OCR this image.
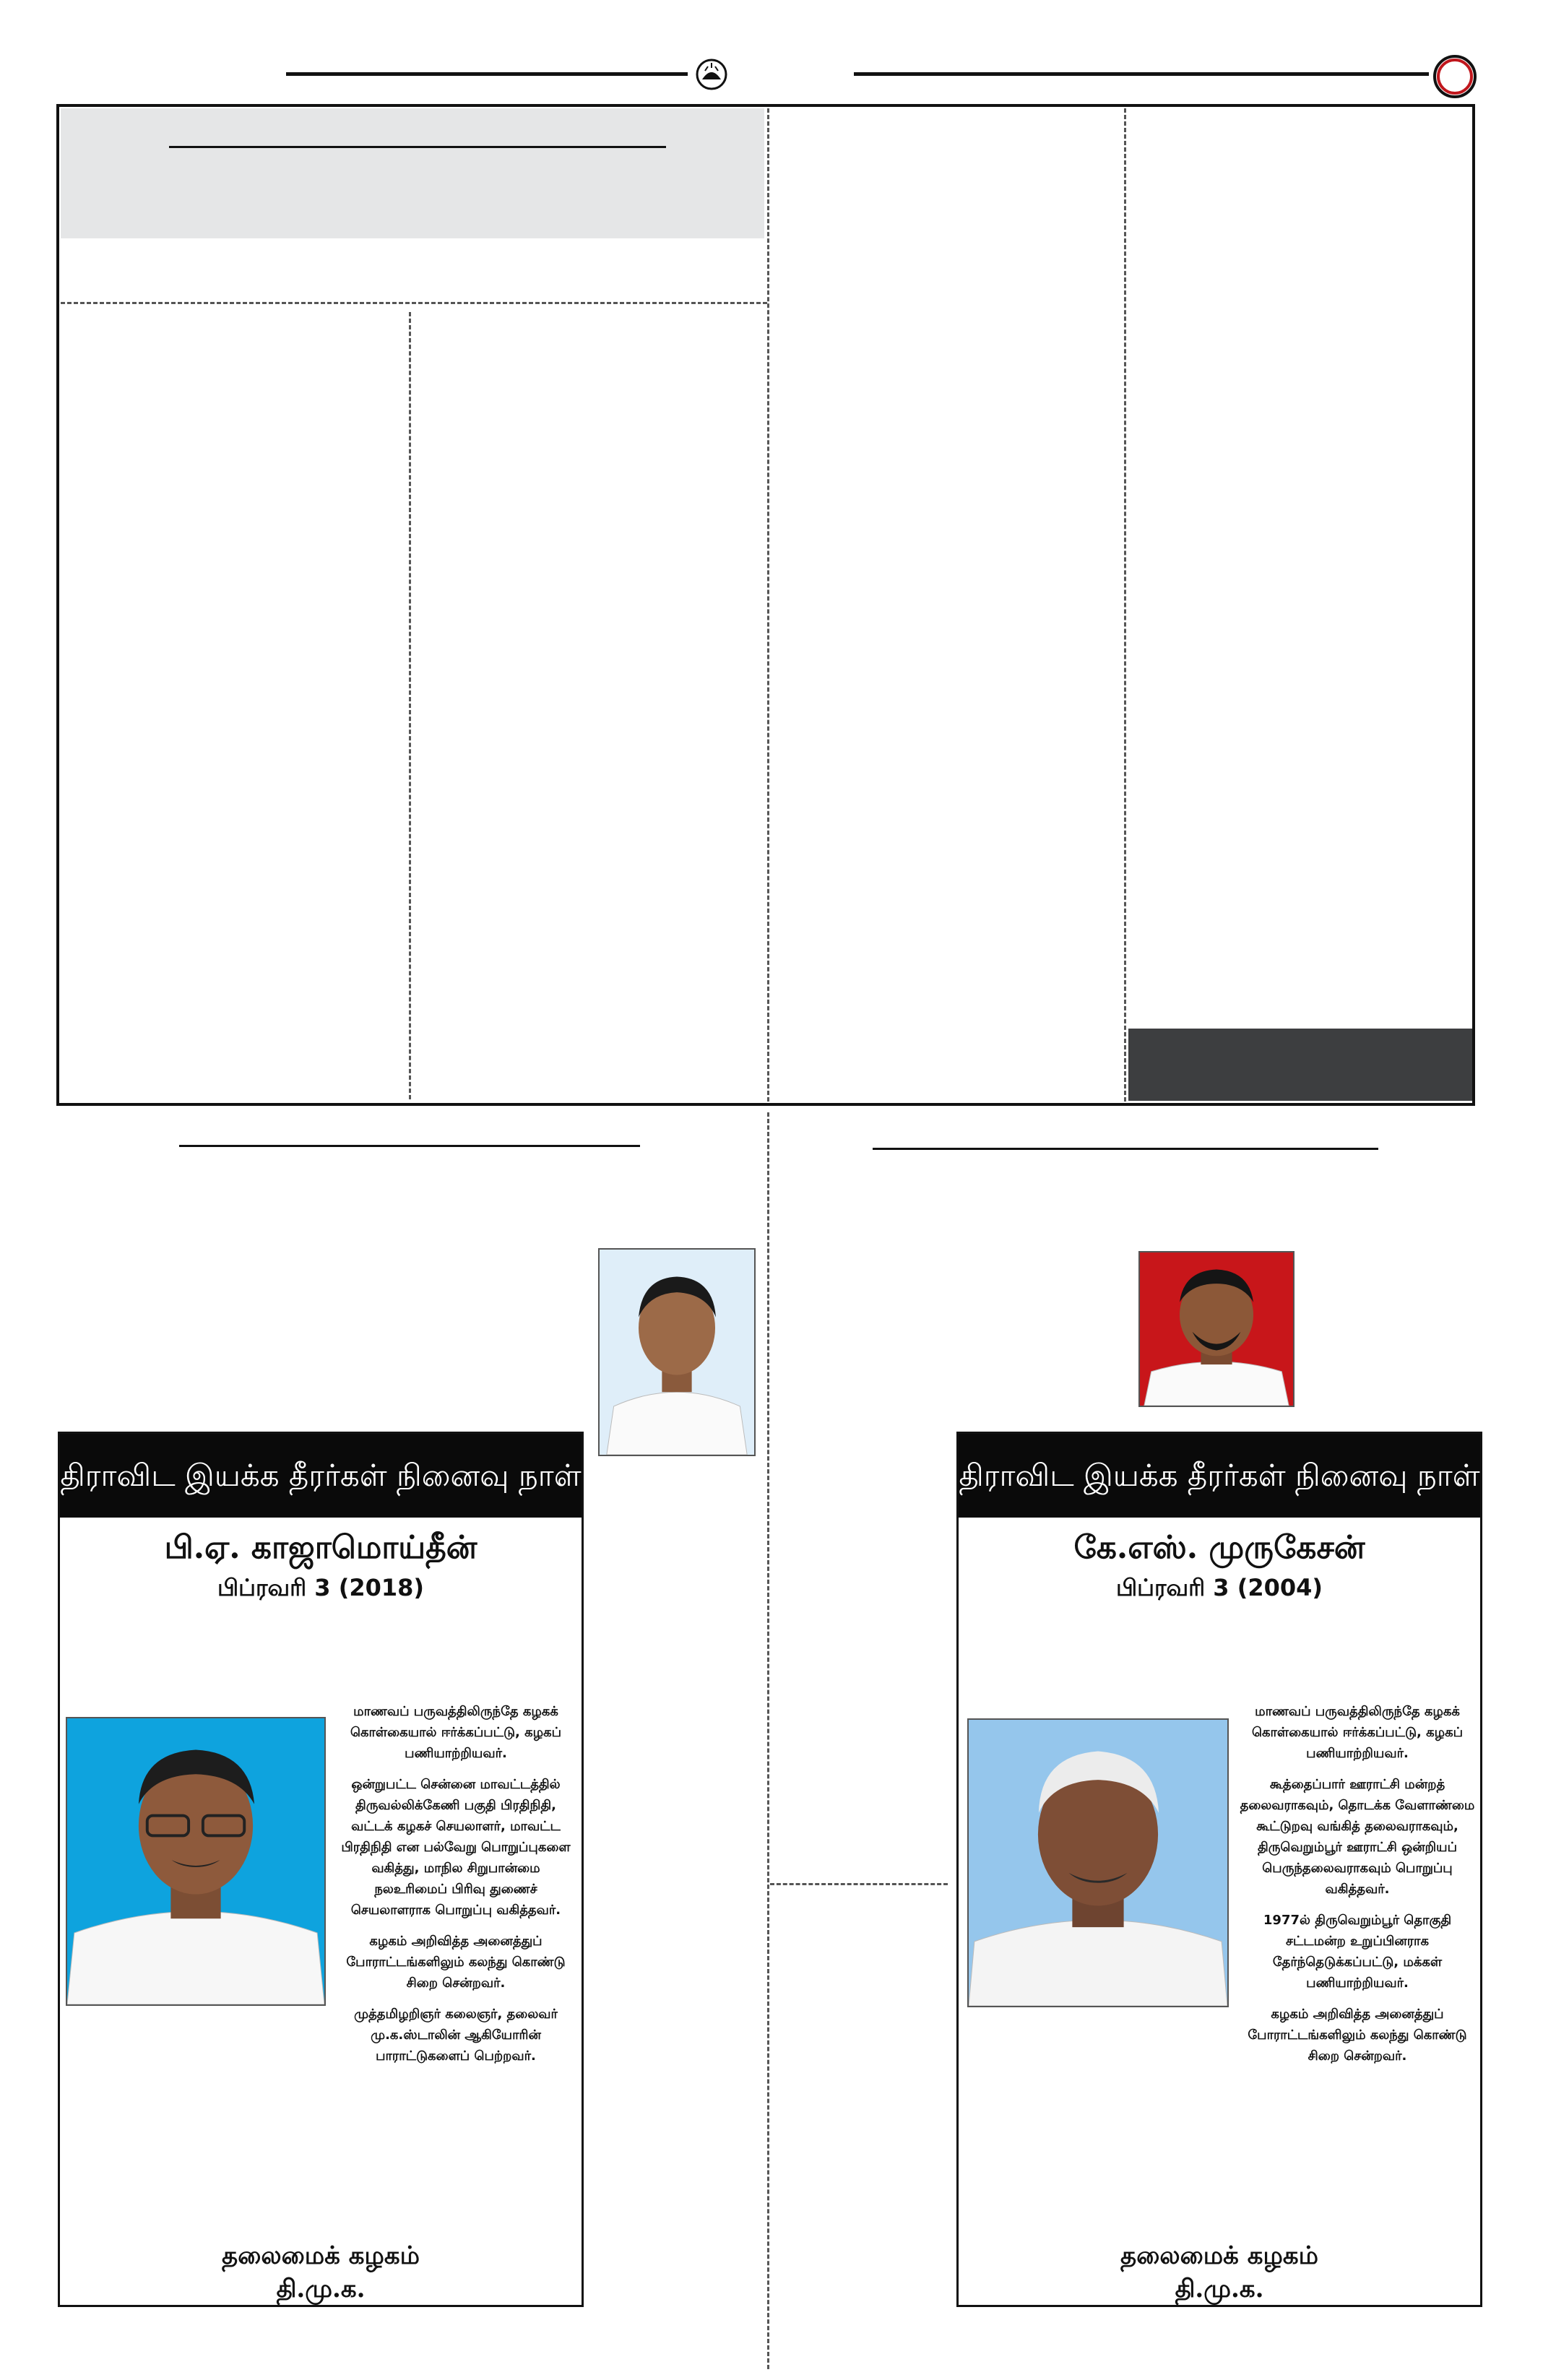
திராவிட இயக்க தீரர்கள் நினைவு நாள்
பி.ஏ. காஜாமொய்தீன்
பிப்ரவரி 3 (2018)

மாணவப் பருவத்திலிருந்தே கழகக் கொள்கையால் ஈர்க்கப்பட்டு, கழகப் பணியாற்றியவர்.

ஒன்றுபட்ட சென்னை மாவட்டத்தில் திருவல்லிக்கேணி பகுதி பிரதிநிதி, வட்டக் கழகச் செயலாளர், மாவட்ட பிரதிநிதி என பல்வேறு பொறுப்புகளை வகித்து, மாநில சிறுபான்மை நலஉரிமைப் பிரிவு துணைச் செயலாளராக பொறுப்பு வகித்தவர்.

கழகம் அறிவித்த அனைத்துப் போராட்டங்களிலும் கலந்து கொண்டு சிறை சென்றவர்.

முத்தமிழறிஞர் கலைஞர், தலைவர் மு.க.ஸ்டாலின் ஆகியோரின் பாராட்டுகளைப் பெற்றவர்.

தலைமைக் கழகம்
தி.மு.க.
திராவிட இயக்க தீரர்கள் நினைவு நாள்
கே.எஸ். முருகேசன்
பிப்ரவரி 3 (2004)

மாணவப் பருவத்திலிருந்தே கழகக் கொள்கையால் ஈர்க்கப்பட்டு, கழகப் பணியாற்றியவர்.

கூத்தைப்பார் ஊராட்சி மன்றத் தலைவராகவும், தொடக்க வேளாண்மை கூட்டுறவு வங்கித் தலைவராகவும், திருவெறும்பூர் ஊராட்சி ஒன்றியப் பெருந்தலைவராகவும் பொறுப்பு வகித்தவர்.

1977ல் திருவெறும்பூர் தொகுதி சட்டமன்ற உறுப்பினராக தேர்ந்தெடுக்கப்பட்டு, மக்கள் பணியாற்றியவர்.

கழகம் அறிவித்த அனைத்துப் போராட்டங்களிலும் கலந்து கொண்டு சிறை சென்றவர்.

தலைமைக் கழகம்
தி.மு.க.
